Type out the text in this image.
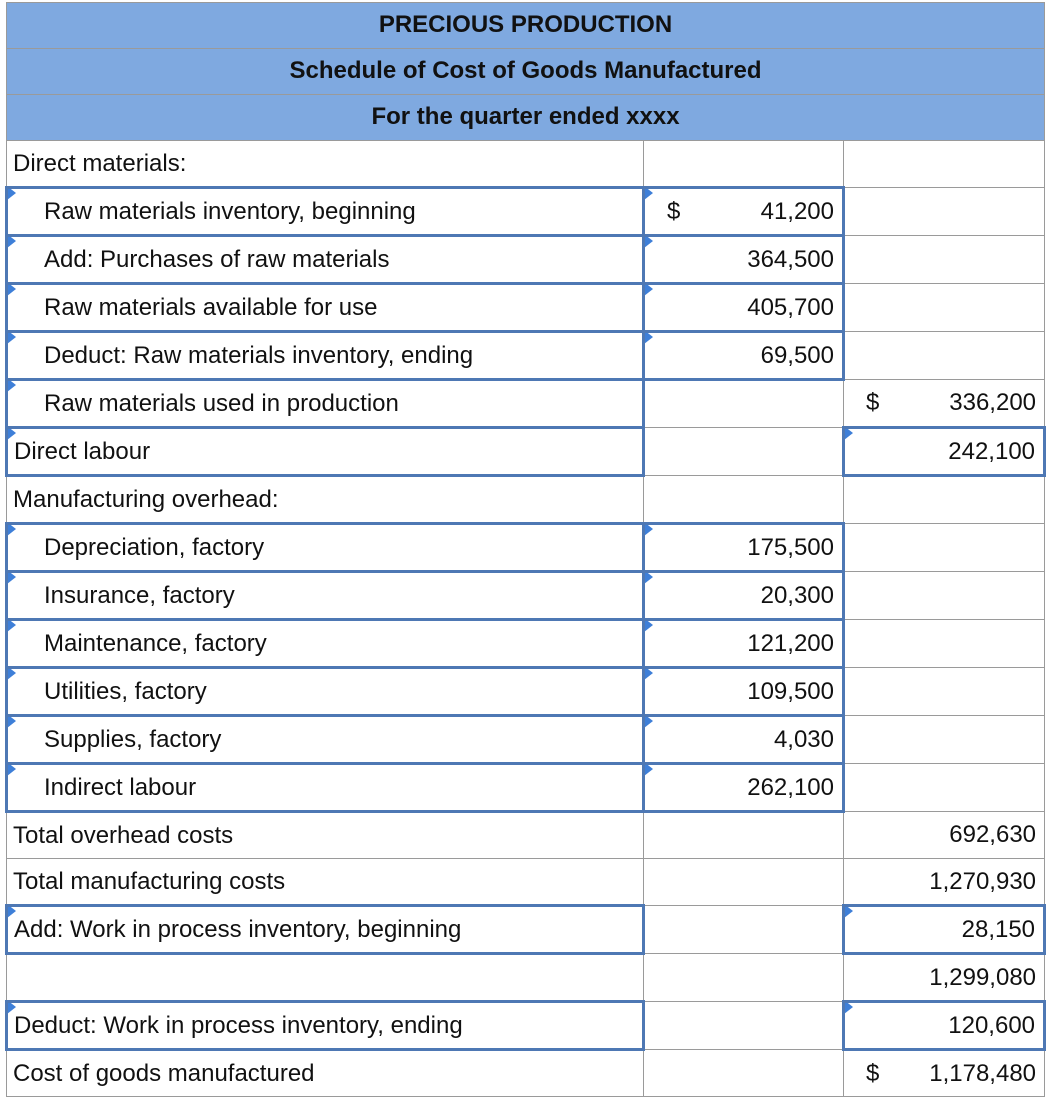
PRECIOUS PRODUCTION		
Schedule of Cost of Goods Manufactured		
For the quarter ended xxxx		

Direct materials:		

Raw materials inventory, beginning	$ 41,200	

Add: Purchases of raw materials	364,500	

Raw materials available for use	405,700	

Deduct: Raw materials inventory, ending	69,500	

Raw materials used in production		$ 336,200

Direct labour		242,100

Manufacturing overhead:		

Depreciation, factory	175,500	

Insurance, factory	20,300	

Maintenance, factory	121,200	

Utilities, factory	109,500	

Supplies, factory	4,030	

Indirect labour	262,100	

Total overhead costs		692,630

Total manufacturing costs		1,270,930

Add: Work in process inventory, beginning		28,150

		1,299,080

Deduct: Work in process inventory, ending		120,600

Cost of goods manufactured		$ 1,178,480
